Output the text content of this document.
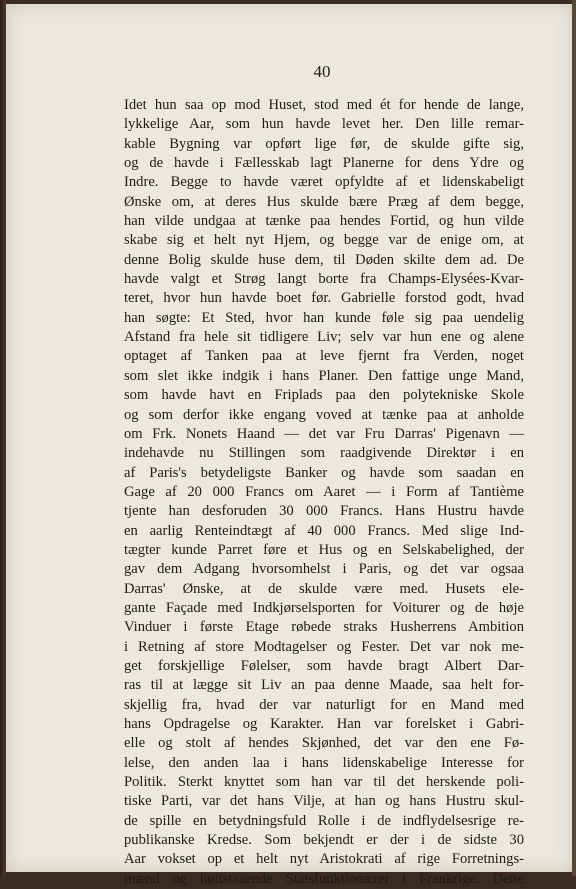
40
Idet hun saa op mod Huset, stod med ét for hende de lange,
lykkelige Aar, som hun havde levet her. Den lille remar-
kable Bygning var opført lige før, de skulde gifte sig,
og de havde i Fællesskab lagt Planerne for dens Ydre og
Indre. Begge to havde været opfyldte af et lidenskabeligt
Ønske om, at deres Hus skulde bære Præg af dem begge,
han vilde undgaa at tænke paa hendes Fortid, og hun vilde
skabe sig et helt nyt Hjem, og begge var de enige om, at
denne Bolig skulde huse dem, til Døden skilte dem ad. De
havde valgt et Strøg langt borte fra Champs-Elysées-Kvar-
teret, hvor hun havde boet før. Gabrielle forstod godt, hvad
han søgte: Et Sted, hvor han kunde føle sig paa uendelig
Afstand fra hele sit tidligere Liv; selv var hun ene og alene
optaget af Tanken paa at leve fjernt fra Verden, noget
som slet ikke indgik i hans Planer. Den fattige unge Mand,
som havde havt en Friplads paa den polytekniske Skole
og som derfor ikke engang voved at tænke paa at anholde
om Frk. Nonets Haand — det var Fru Darras' Pigenavn —
indehavde nu Stillingen som raadgivende Direktør i en
af Paris's betydeligste Banker og havde som saadan en
Gage af 20 000 Francs om Aaret — i Form af Tantième
tjente han desforuden 30 000 Francs. Hans Hustru havde
en aarlig Renteindtægt af 40 000 Francs. Med slige Ind-
tægter kunde Parret føre et Hus og en Selskabelighed, der
gav dem Adgang hvorsomhelst i Paris, og det var ogsaa
Darras' Ønske, at de skulde være med. Husets ele-
gante Façade med Indkjørselsporten for Voiturer og de høje
Vinduer i første Etage røbede straks Husherrens Ambition
i Retning af store Modtagelser og Fester. Det var nok me-
get forskjellige Følelser, som havde bragt Albert Dar-
ras til at lægge sit Liv an paa denne Maade, saa helt for-
skjellig fra, hvad der var naturligt for en Mand med
hans Opdragelse og Karakter. Han var forelsket i Gabri-
elle og stolt af hendes Skjønhed, det var den ene Fø-
lelse, den anden laa i hans lidenskabelige Interesse for
Politik. Sterkt knyttet som han var til det herskende poli-
tiske Parti, var det hans Vilje, at han og hans Hustru skul-
de spille en betydningsfuld Rolle i de indflydelsesrige re-
publikanske Kredse. Som bekjendt er der i de sidste 30
Aar vokset op et helt nyt Aristokrati af rige Forretnings-
mænd og høitstaaende Statsfunktionærer i Frankrige. Dette
